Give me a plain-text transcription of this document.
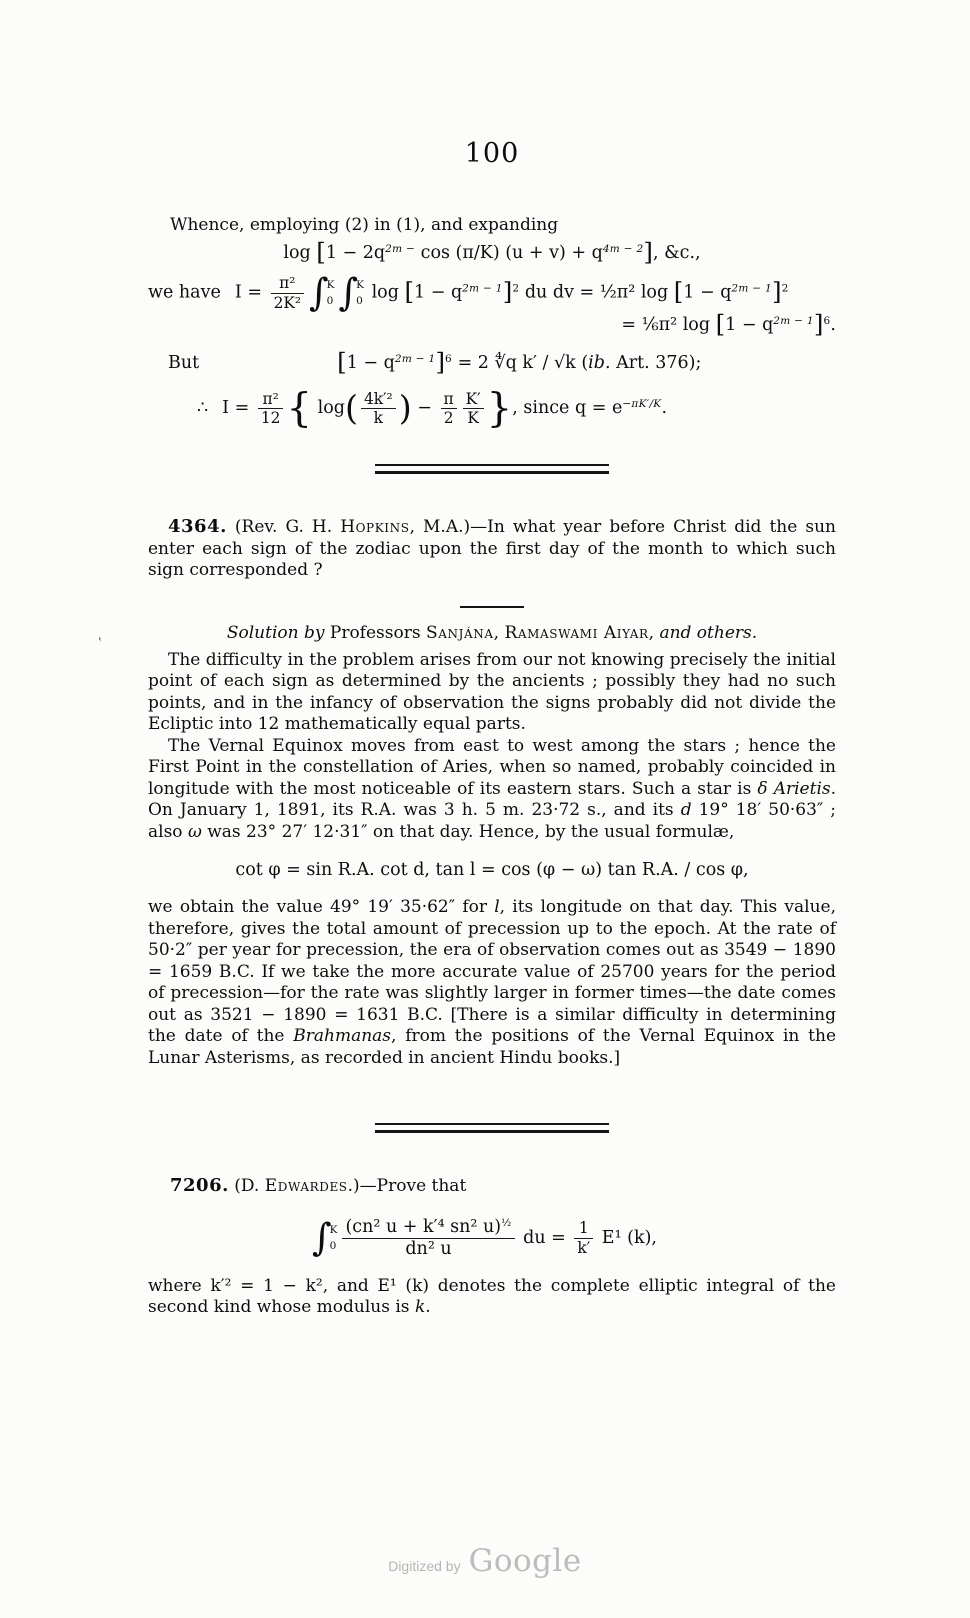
100

Whence, employing (2) in (1), and expanding

$\log [1 - 2q^{2m -}$ cos (π/K) $(u + v) + q^{4m - 2}$], &c.,
we have $I = \frac{\text{π²}}{\text{2K²}}$ ∫
K
0 ∫
K
0 $\log [1 - q^{2m - 1}]^2$ du dv = ½π² $\log [1 - q^{2m - 1}]^2$
= ⅙π² $\log [1 - q^{2m - 1}]^6$.
But	$[1 - q^{2m - 1}]^6 = 2$ ∜q k′ / √k (ib. Art. 376);
∴ $I = \frac{\text{π²}}{12}$ { $\log( \frac{\text{4k′²}}{k}$ ) − $\frac{\pi}{2} \frac{K'}{K}$ }, since $q = e^{-\pi K'/K}$.

4364. (Rev. G. H. Hopkins, M.A.)—In what year before Christ did the sun enter each sign of the zodiac upon the first day of the month to which such sign corresponded ?

Solution by Professors Sanjána, Ramaswami Aiyar, and others.

The difficulty in the problem arises from our not knowing precisely the initial point of each sign as determined by the ancients ; possibly they had no such points, and in the infancy of observation the signs probably did not divide the Ecliptic into 12 mathematically equal parts.

The Vernal Equinox moves from east to west among the stars ; hence the First Point in the constellation of Aries, when so named, probably coincided in longitude with the most noticeable of its eastern stars. Such a star is δ Arietis. On January 1, 1891, its R.A. was 3 h. 5 m. 23·72 s., and its d 19° 18′ 50·63″ ; also ω was 23° 27′ 12·31″ on that day. Hence, by the usual formulæ,

cot φ = sin R.A. cot d, tan l = cos (φ − ω) tan R.A. / cos φ,

we obtain the value 49° 19′ 35·62″ for l, its longitude on that day. This value, therefore, gives the total amount of precession up to the epoch. At the rate of 50·2″ per year for precession, the era of observation comes out as 3549 − 1890 = 1659 B.C. If we take the more accurate value of 25700 years for the period of precession—for the rate was slightly larger in former times—the date comes out as 3521 − 1890 = 1631 B.C. [There is a similar difficulty in determining the date of the Brahmanas, from the positions of the Vernal Equinox in the Lunar Asterisms, as recorded in ancient Hindu books.]

7206. (D. Edwardes.)—Prove that

∫
K
$0 \frac{(cn^2 u + k'^4 sn^2 u)^{\frac{1}{2}}}{\text{dn² u}}$ du = $\frac{1}{k'} E^1$ (k),

where k′² = 1 − k², and E¹ (k) denotes the complete elliptic integral of the second kind whose modulus is k.

‛
Digitized by Google
